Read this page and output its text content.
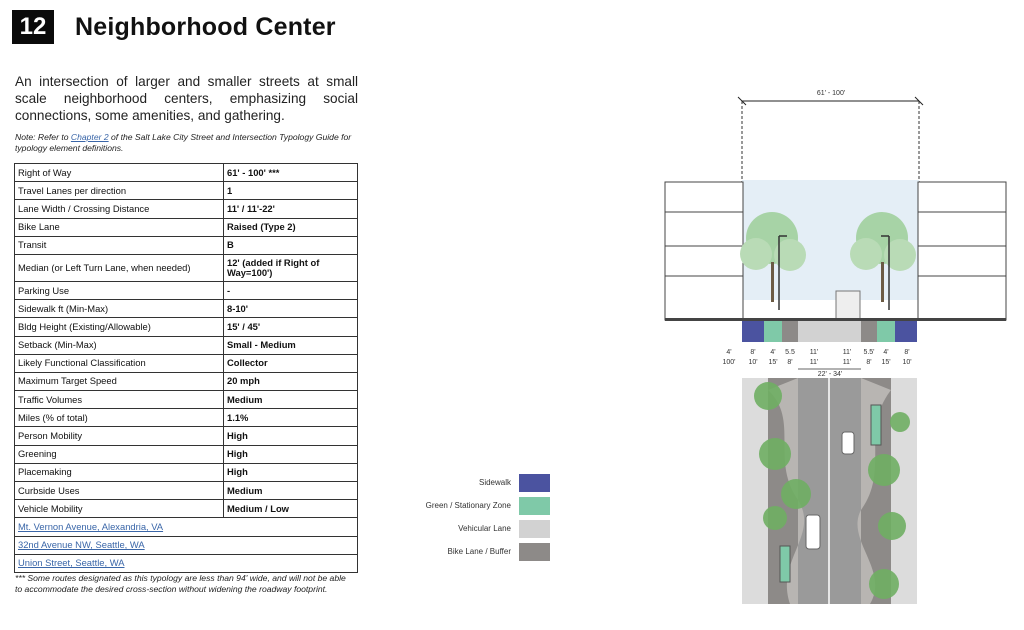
12	Neighborhood Center
An intersection of larger and smaller streets at small scale neighborhood centers, emphasizing social connections, some amenities, and gathering.
Note: Refer to Chapter 2 of the Salt Lake City Street and Intersection Typology Guide for typology element definitions.
Right of Way	61' - 100' ***
Travel Lanes per direction	1
Lane Width / Crossing Distance	11' / 11'-22'
Bike Lane	Raised (Type 2)
Transit	B
Median (or Left Turn Lane, when needed)	12' (added if Right of Way=100')
Parking Use	-
Sidewalk ft (Min-Max)	8-10'
Bldg Height (Existing/Allowable)	15' / 45'
Setback (Min-Max)	Small - Medium
Likely Functional Classification	Collector
Maximum Target Speed	20 mph
Traffic Volumes	Medium
Miles (% of total)	1.1%
Person Mobility	High
Greening	High
Placemaking	High
Curbside Uses	Medium
Vehicle Mobility	Medium / Low
Mt. Vernon Avenue, Alexandria, VA	
32nd Avenue NW, Seattle, WA	
Union Street, Seattle, WA	
*** Some routes designated as this typology are less than 94' wide, and will not be able to accommodate the desired cross-section without widening the roadway footprint.
Sidewalk
Green / Stationary Zone
Vehicular Lane
Bike Lane / Buffer
61' - 100'
4'
100'
8'
10'
4'
15'
5.5
8'
11'
11'
11'
11'
5.5'
8'
4'
15'
8'
10'
22' - 34'
